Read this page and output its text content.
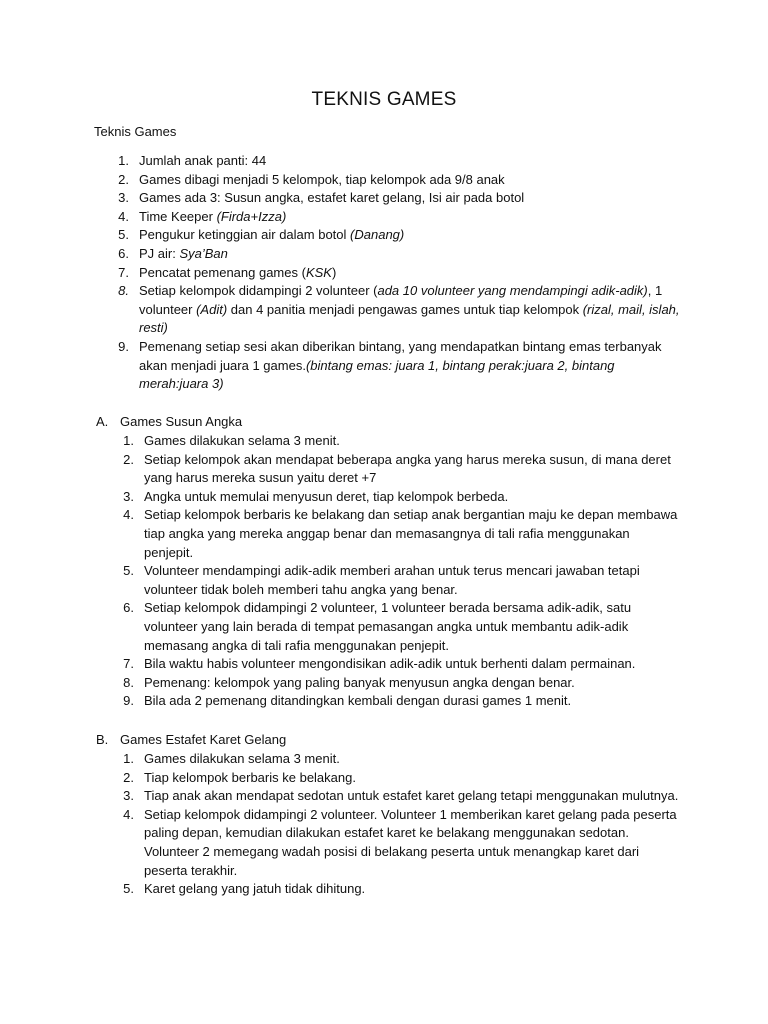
TEKNIS GAMES
Teknis Games
1. Jumlah anak panti: 44
2. Games dibagi menjadi 5 kelompok, tiap kelompok ada 9/8 anak
3. Games ada 3: Susun angka, estafet karet gelang, Isi air pada botol
4. Time Keeper (Firda+Izza)
5. Pengukur ketinggian air dalam botol (Danang)
6. PJ air: Sya’Ban
7. Pencatat pemenang games (KSK)
8. Setiap kelompok didampingi 2 volunteer (ada 10 volunteer yang mendampingi adik-adik), 1 volunteer (Adit) dan 4 panitia menjadi pengawas games untuk tiap kelompok (rizal, mail, islah, resti)
9. Pemenang setiap sesi akan diberikan bintang, yang mendapatkan bintang emas terbanyak akan menjadi juara 1 games.(bintang emas: juara 1, bintang perak:juara 2, bintang merah:juara 3)
A. Games Susun Angka
1. Games dilakukan selama 3 menit.
2. Setiap kelompok akan mendapat beberapa angka yang harus mereka susun, di mana deret yang harus mereka susun yaitu deret +7
3. Angka untuk memulai menyusun deret, tiap kelompok berbeda.
4. Setiap kelompok berbaris ke belakang dan setiap anak bergantian maju ke depan membawa tiap angka yang mereka anggap benar dan memasangnya di tali rafia menggunakan penjepit.
5. Volunteer mendampingi adik-adik memberi arahan untuk terus mencari jawaban tetapi volunteer tidak boleh memberi tahu angka yang benar.
6. Setiap kelompok didampingi 2 volunteer, 1 volunteer berada bersama adik-adik, satu volunteer yang lain berada di tempat pemasangan angka untuk membantu adik-adik memasang angka di tali rafia menggunakan penjepit.
7. Bila waktu habis volunteer mengondisikan adik-adik untuk berhenti dalam permainan.
8. Pemenang: kelompok yang paling banyak menyusun angka dengan benar.
9. Bila ada 2 pemenang ditandingkan kembali dengan durasi games 1 menit.
B. Games Estafet Karet Gelang
1. Games dilakukan selama 3 menit.
2. Tiap kelompok berbaris ke belakang.
3. Tiap anak akan mendapat sedotan untuk estafet karet gelang tetapi menggunakan mulutnya.
4. Setiap kelompok didampingi 2 volunteer. Volunteer 1 memberikan karet gelang pada peserta paling depan, kemudian dilakukan estafet karet ke belakang menggunakan sedotan. Volunteer 2 memegang wadah posisi di belakang peserta untuk menangkap karet dari peserta terakhir.
5. Karet gelang yang jatuh tidak dihitung.
